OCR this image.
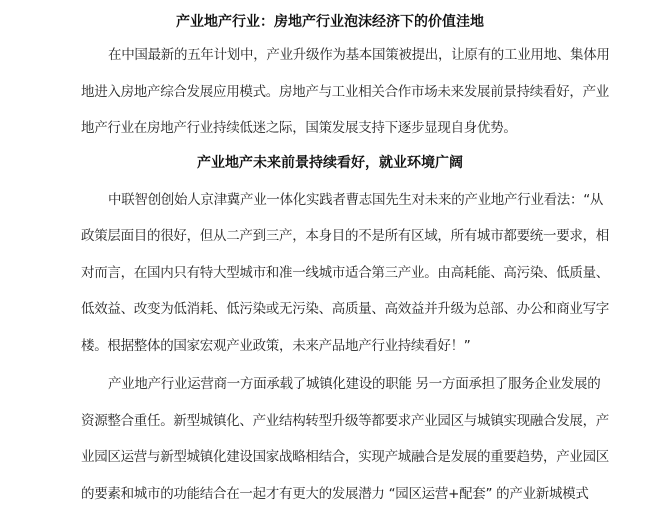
产业地产行业：房地产行业泡沫经济下的价值洼地
在中国最新的五年计划中，产业升级作为基本国策被提出，让原有的工业用地、集体用
地进入房地产综合发展应用模式。房地产与工业相关合作市场未来发展前景持续看好，产业
地产行业在房地产行业持续低迷之际，国策发展支持下逐步显现自身优势。
产业地产未来前景持续看好，就业环境广阔
中联智创创始人京津冀产业一体化实践者曹志国先生对未来的产业地产行业看法：“从
政策层面目的很好，但从二产到三产，本身目的不是所有区域，所有城市都要统一要求，相
对而言，在国内只有特大型城市和准一线城市适合第三产业。由高耗能、高污染、低质量、
低效益、改变为低消耗、低污染或无污染、高质量、高效益并升级为总部、办公和商业写字
楼。根据整体的国家宏观产业政策，未来产品地产行业持续看好！”
产业地产行业运营商一方面承载了城镇化建设的职能 另一方面承担了服务企业发展的
资源整合重任。新型城镇化、产业结构转型升级等都要求产业园区与城镇实现融合发展，产
业园区运营与新型城镇化建设国家战略相结合，实现产城融合是发展的重要趋势，产业园区
的要素和城市的功能结合在一起才有更大的发展潜力 “园区运营+配套” 的产业新城模式
